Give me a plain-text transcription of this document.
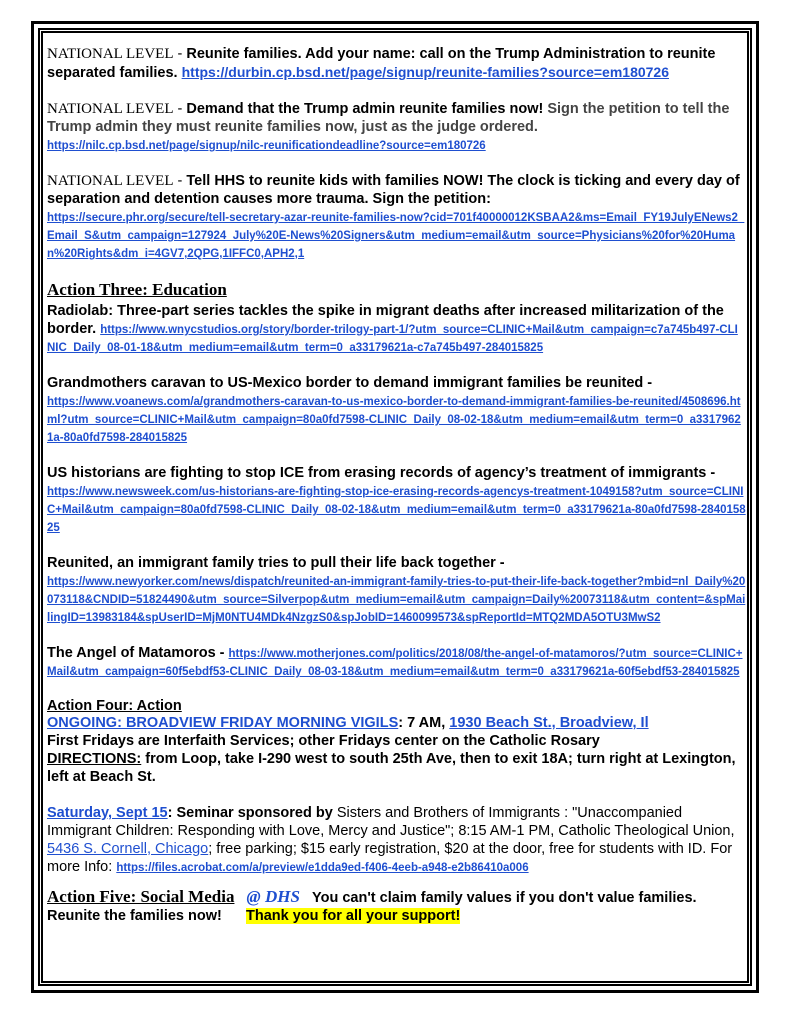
NATIONAL LEVEL - Reunite families. Add your name: call on the Trump Administration to reunite separated families. https://durbin.cp.bsd.net/page/signup/reunite-families?source=em180726
NATIONAL LEVEL - Demand that the Trump admin reunite families now! Sign the petition to tell the Trump admin they must reunite families now, just as the judge ordered.
https://nilc.cp.bsd.net/page/signup/nilc-reunificationdeadline?source=em180726
NATIONAL LEVEL - Tell HHS to reunite kids with families NOW! The clock is ticking and every day of separation and detention causes more trauma. Sign the petition:
https://secure.phr.org/secure/tell-secretary-azar-reunite-families-now?cid=701f40000012KSBAA2&ms=Email_FY19JulyENews2_Email_S&utm_campaign=127924_July%20E-News%20Signers&utm_medium=email&utm_source=Physicians%20for%20Human%20Rights&dm_i=4GV7,2QPG,1IFFC0,APH2,1
Action Three: Education
Radiolab: Three-part series tackles the spike in migrant deaths after increased militarization of the border. https://www.wnycstudios.org/story/border-trilogy-part-1/?utm_source=CLINIC+Mail&utm_campaign=c7a745b497-CLINIC_Daily_08-01-18&utm_medium=email&utm_term=0_a33179621a-c7a745b497-284015825
Grandmothers caravan to US-Mexico border to demand immigrant families be reunited -
https://www.voanews.com/a/grandmothers-caravan-to-us-mexico-border-to-demand-immigrant-families-be-reunited/4508696.html?utm_source=CLINIC+Mail&utm_campaign=80a0fd7598-CLINIC_Daily_08-02-18&utm_medium=email&utm_term=0_a33179621a-80a0fd7598-284015825
US historians are fighting to stop ICE from erasing records of agency’s treatment of immigrants -
https://www.newsweek.com/us-historians-are-fighting-stop-ice-erasing-records-agencys-treatment-1049158?utm_source=CLINIC+Mail&utm_campaign=80a0fd7598-CLINIC_Daily_08-02-18&utm_medium=email&utm_term=0_a33179621a-80a0fd7598-284015825
Reunited, an immigrant family tries to pull their life back together -
https://www.newyorker.com/news/dispatch/reunited-an-immigrant-family-tries-to-put-their-life-back-together?mbid=nl_Daily%20073118&CNDID=51824490&utm_source=Silverpop&utm_medium=email&utm_campaign=Daily%20073118&utm_content=&spMailingID=13983184&spUserID=MjM0NTU4MDk4NzgzS0&spJobID=1460099573&spReportId=MTQ2MDA5OTU3MwS2
The Angel of Matamoros - https://www.motherjones.com/politics/2018/08/the-angel-of-matamoros/?utm_source=CLINIC+Mail&utm_campaign=60f5ebdf53-CLINIC_Daily_08-03-18&utm_medium=email&utm_term=0_a33179621a-60f5ebdf53-284015825
Action Four: Action
ONGOING: BROADVIEW FRIDAY MORNING VIGILS: 7 AM, 1930 Beach St., Broadview, Il
First Fridays are Interfaith Services; other Fridays center on the Catholic Rosary
DIRECTIONS: from Loop, take I-290 west to south 25th Ave, then to exit 18A; turn right at Lexington, left at Beach St.
Saturday, Sept 15: Seminar sponsored by Sisters and Brothers of Immigrants : "Unaccompanied Immigrant Children: Responding with Love, Mercy and Justice"; 8:15 AM-1 PM, Catholic Theological Union, 5436 S. Cornell, Chicago; free parking; $15 early registration, $20 at the door, free for students with ID. For more Info: https://files.acrobat.com/a/preview/e1dda9ed-f406-4eeb-a948-e2b86410a006
Action Five: Social Media @ DHS You can't claim family values if you don't value families. Reunite the families now! Thank you for all your support!
